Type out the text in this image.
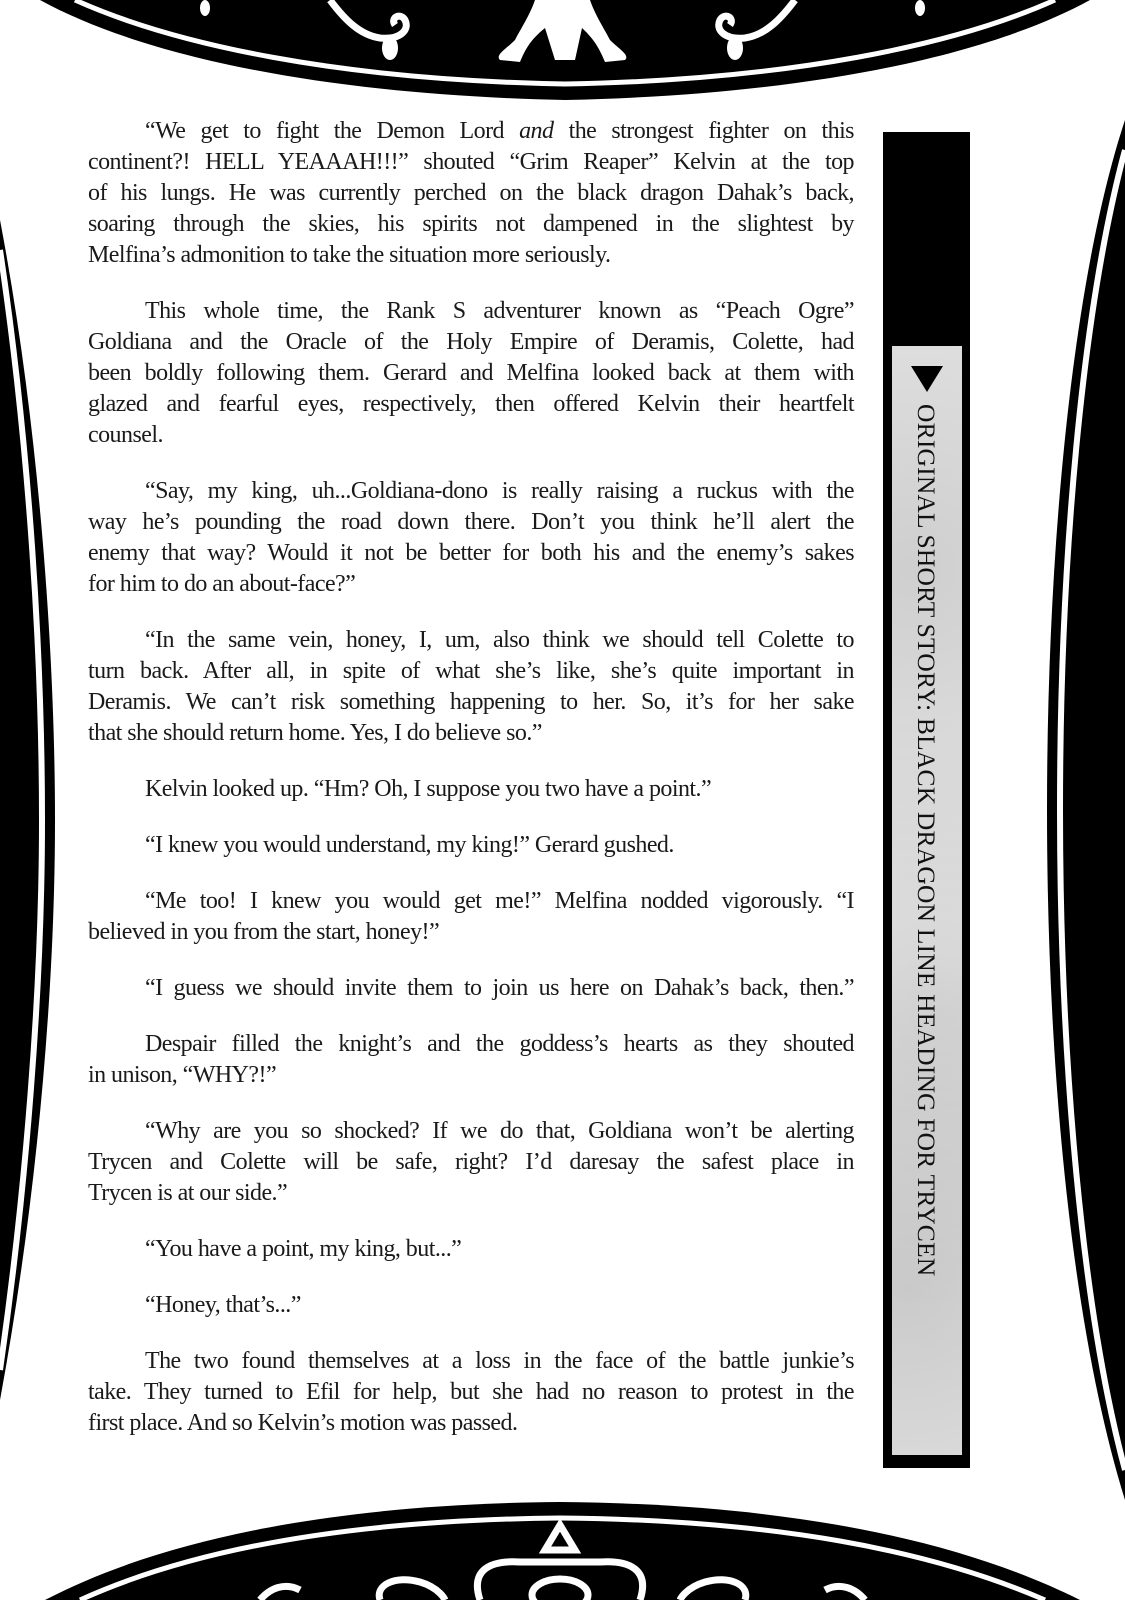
“We get to fight the Demon Lord and the strongest fighter on this
continent?! HELL YEAAAH!!!” shouted “Grim Reaper” Kelvin at the top
of his lungs. He was currently perched on the black dragon Dahak’s back,
soaring through the skies, his spirits not dampened in the slightest by
Melfina’s admonition to take the situation more seriously.
This whole time, the Rank S adventurer known as “Peach Ogre”
Goldiana and the Oracle of the Holy Empire of Deramis, Colette, had
been boldly following them. Gerard and Melfina looked back at them with
glazed and fearful eyes, respectively, then offered Kelvin their heartfelt
counsel.
“Say, my king, uh...Goldiana-dono is really raising a ruckus with the
way he’s pounding the road down there. Don’t you think he’ll alert the
enemy that way? Would it not be better for both his and the enemy’s sakes
for him to do an about-face?”
“In the same vein, honey, I, um, also think we should tell Colette to
turn back. After all, in spite of what she’s like, she’s quite important in
Deramis. We can’t risk something happening to her. So, it’s for her sake
that she should return home. Yes, I do believe so.”
Kelvin looked up. “Hm? Oh, I suppose you two have a point.”
“I knew you would understand, my king!” Gerard gushed.
“Me too! I knew you would get me!” Melfina nodded vigorously. “I
believed in you from the start, honey!”
“I guess we should invite them to join us here on Dahak’s back, then.”
Despair filled the knight’s and the goddess’s hearts as they shouted
in unison, “WHY?!”
“Why are you so shocked? If we do that, Goldiana won’t be alerting
Trycen and Colette will be safe, right? I’d daresay the safest place in
Trycen is at our side.”
“You have a point, my king, but...”
“Honey, that’s...”
The two found themselves at a loss in the face of the battle junkie’s
take. They turned to Efil for help, but she had no reason to protest in the
first place. And so Kelvin’s motion was passed.
ORIGINAL SHORT STORY: BLACK DRAGON LINE HEADING FOR TRYCEN
